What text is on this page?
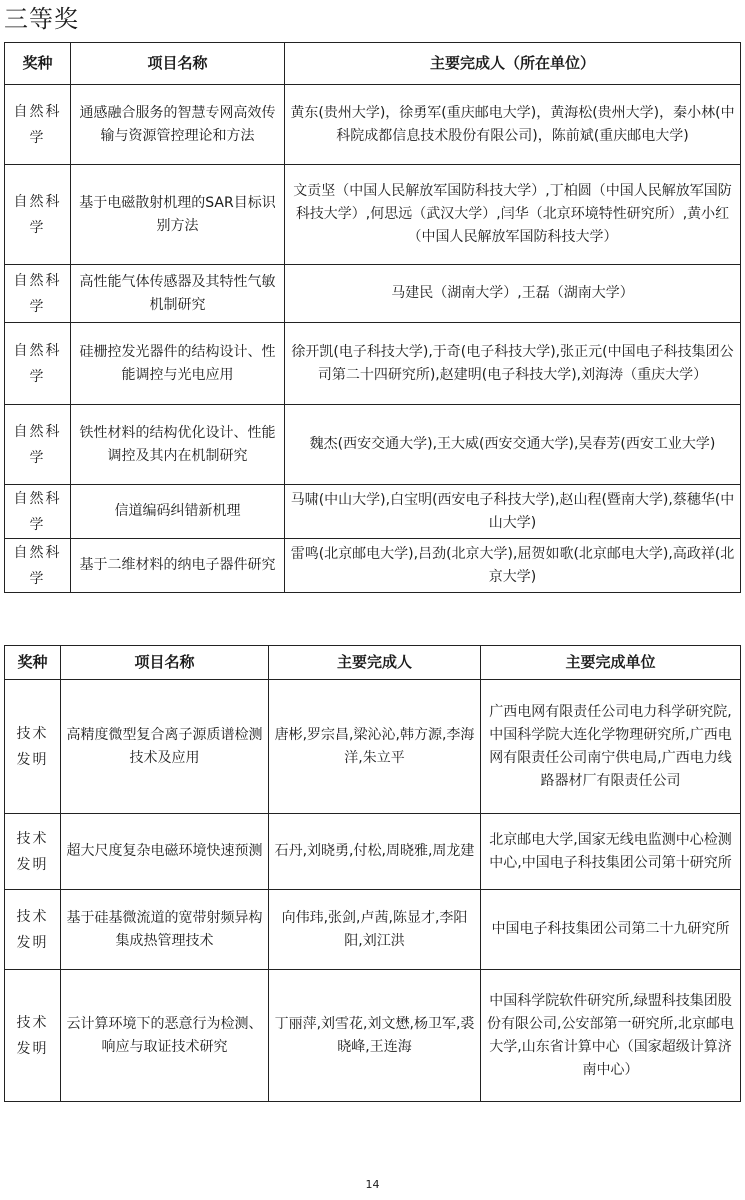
三等奖
奖种	项目名称	主要完成人（所在单位）
自然科学	通感融合服务的智慧专网高效传输与资源管控理论和方法	黄东(贵州大学)，徐勇军(重庆邮电大学)，黄海松(贵州大学)，秦小林(中科院成都信息技术股份有限公司)，陈前斌(重庆邮电大学)
自然科学	基于电磁散射机理的SAR目标识别方法	文贡坚（中国人民解放军国防科技大学）,丁柏圆（中国人民解放军国防科技大学）,何思远（武汉大学）,闫华（北京环境特性研究所）,黄小红（中国人民解放军国防科技大学）
自然科学	高性能气体传感器及其特性气敏机制研究	马建民（湖南大学）,王磊（湖南大学）
自然科学	硅栅控发光器件的结构设计、性能调控与光电应用	徐开凯(电子科技大学),于奇(电子科技大学),张正元(中国电子科技集团公司第二十四研究所),赵建明(电子科技大学),刘海涛（重庆大学）
自然科学	铁性材料的结构优化设计、性能调控及其内在机制研究	魏杰(西安交通大学),王大威(西安交通大学),吴春芳(西安工业大学)
自然科学	信道编码纠错新机理	马啸(中山大学),白宝明(西安电子科技大学),赵山程(暨南大学),蔡穗华(中山大学)
自然科学	基于二维材料的纳电子器件研究	雷鸣(北京邮电大学),吕劲(北京大学),屈贺如歌(北京邮电大学),高政祥(北京大学)
奖种	项目名称	主要完成人	主要完成单位
技术发明	高精度微型复合离子源质谱检测技术及应用	唐彬,罗宗昌,梁沁沁,韩方源,李海洋,朱立平	广西电网有限责任公司电力科学研究院,中国科学院大连化学物理研究所,广西电网有限责任公司南宁供电局,广西电力线路器材厂有限责任公司
技术发明	超大尺度复杂电磁环境快速预测	石丹,刘晓勇,付松,周晓雅,周龙建	北京邮电大学,国家无线电监测中心检测中心,中国电子科技集团公司第十研究所
技术发明	基于硅基微流道的宽带射频异构集成热管理技术	向伟玮,张剑,卢茜,陈显才,李阳阳,刘江洪	中国电子科技集团公司第二十九研究所
技术发明	云计算环境下的恶意行为检测、响应与取证技术研究	丁丽萍,刘雪花,刘文懋,杨卫军,裘晓峰,王连海	中国科学院软件研究所,绿盟科技集团股份有限公司,公安部第一研究所,北京邮电大学,山东省计算中心（国家超级计算济南中心）
14
